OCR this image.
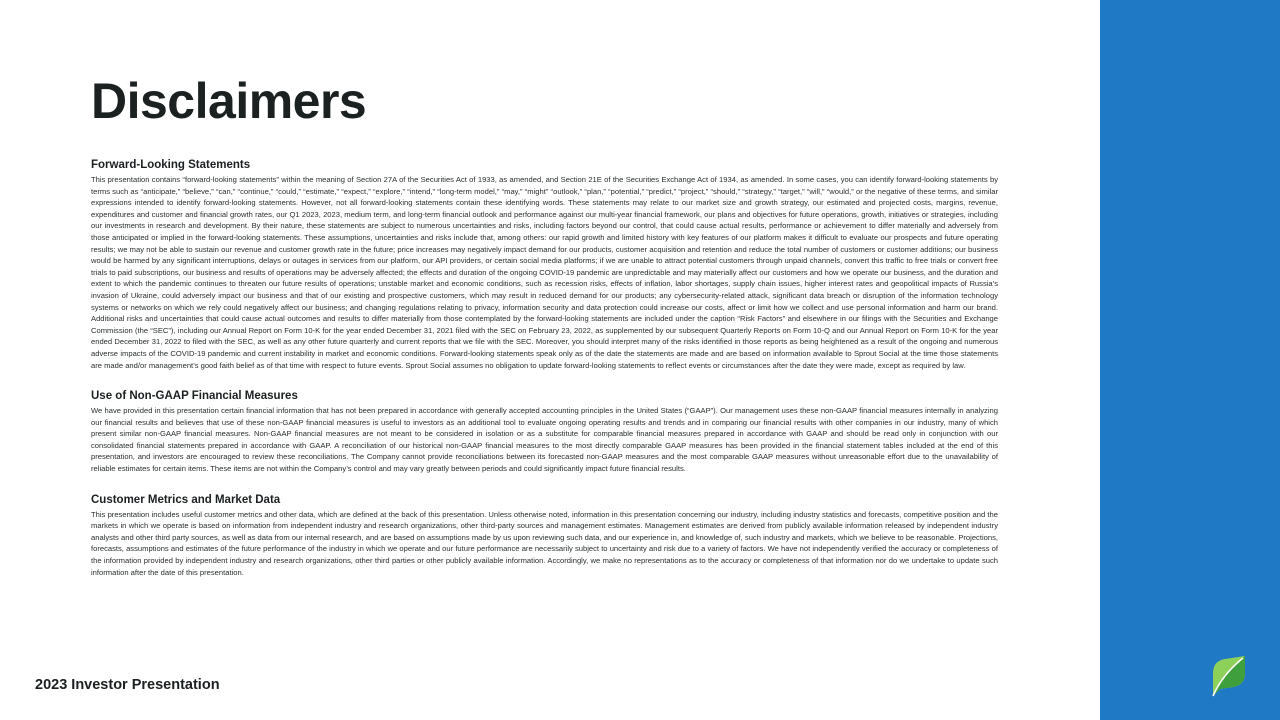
Disclaimers
Forward-Looking Statements

This presentation contains “forward-looking statements” within the meaning of Section 27A of the Securities Act of 1933, as amended, and Section 21E of the Securities Exchange Act of 1934, as amended. In some cases, you can identify forward-looking statements by terms such as “anticipate,” “believe,” “can,” “continue,” “could,” “estimate,” “expect,” “explore,” “intend,” “long-term model,” “may,” “might” “outlook,” “plan,” “potential,” “predict,” “project,” “should,” “strategy,” “target,” “will,” “would,” or the negative of these terms, and similar expressions intended to identify forward-looking statements. However, not all forward-looking statements contain these identifying words. These statements may relate to our market size and growth strategy, our estimated and projected costs, margins, revenue, expenditures and customer and financial growth rates, our Q1 2023, 2023, medium term, and long-term financial outlook and performance against our multi-year financial framework, our plans and objectives for future operations, growth, initiatives or strategies, including our investments in research and development. By their nature, these statements are subject to numerous uncertainties and risks, including factors beyond our control, that could cause actual results, performance or achievement to differ materially and adversely from those anticipated or implied in the forward-looking statements. These assumptions, uncertainties and risks include that, among others: our rapid growth and limited history with key features of our platform makes it difficult to evaluate our prospects and future operating results; we may not be able to sustain our revenue and customer growth rate in the future; price increases may negatively impact demand for our products, customer acquisition and retention and reduce the total number of customers or customer additions; our business would be harmed by any significant interruptions, delays or outages in services from our platform, our API providers, or certain social media platforms; if we are unable to attract potential customers through unpaid channels, convert this traffic to free trials or convert free trials to paid subscriptions, our business and results of operations may be adversely affected; the effects and duration of the ongoing COVID-19 pandemic are unpredictable and may materially affect our customers and how we operate our business, and the duration and extent to which the pandemic continues to threaten our future results of operations; unstable market and economic conditions, such as recession risks, effects of inflation, labor shortages, supply chain issues, higher interest rates and geopolitical impacts of Russia’s invasion of Ukraine, could adversely impact our business and that of our existing and prospective customers, which may result in reduced demand for our products; any cybersecurity-related attack, significant data breach or disruption of the information technology systems or networks on which we rely could negatively affect our business; and changing regulations relating to privacy, information security and data protection could increase our costs, affect or limit how we collect and use personal information and harm our brand. Additional risks and uncertainties that could cause actual outcomes and results to differ materially from those contemplated by the forward-looking statements are included under the caption “Risk Factors” and elsewhere in our filings with the Securities and Exchange Commission (the “SEC”), including our Annual Report on Form 10-K for the year ended December 31, 2021 filed with the SEC on February 23, 2022, as supplemented by our subsequent Quarterly Reports on Form 10-Q and our Annual Report on Form 10-K for the year ended December 31, 2022 to filed with the SEC, as well as any other future quarterly and current reports that we file with the SEC. Moreover, you should interpret many of the risks identified in those reports as being heightened as a result of the ongoing and numerous adverse impacts of the COVID-19 pandemic and current instability in market and economic conditions. Forward-looking statements speak only as of the date the statements are made and are based on information available to Sprout Social at the time those statements are made and/or management’s good faith belief as of that time with respect to future events. Sprout Social assumes no obligation to update forward-looking statements to reflect events or circumstances after the date they were made, except as required by law.

Use of Non-GAAP Financial Measures

We have provided in this presentation certain financial information that has not been prepared in accordance with generally accepted accounting principles in the United States (“GAAP”). Our management uses these non-GAAP financial measures internally in analyzing our financial results and believes that use of these non-GAAP financial measures is useful to investors as an additional tool to evaluate ongoing operating results and trends and in comparing our financial results with other companies in our industry, many of which present similar non-GAAP financial measures. Non-GAAP financial measures are not meant to be considered in isolation or as a substitute for comparable financial measures prepared in accordance with GAAP and should be read only in conjunction with our consolidated financial statements prepared in accordance with GAAP. A reconciliation of our historical non-GAAP financial measures to the most directly comparable GAAP measures has been provided in the financial statement tables included at the end of this presentation, and investors are encouraged to review these reconciliations. The Company cannot provide reconciliations between its forecasted non-GAAP measures and the most comparable GAAP measures without unreasonable effort due to the unavailability of reliable estimates for certain items. These items are not within the Company’s control and may vary greatly between periods and could significantly impact future financial results.

Customer Metrics and Market Data

This presentation includes useful customer metrics and other data, which are defined at the back of this presentation. Unless otherwise noted, information in this presentation concerning our industry, including industry statistics and forecasts, competitive position and the markets in which we operate is based on information from independent industry and research organizations, other third-party sources and management estimates. Management estimates are derived from publicly available information released by independent industry analysts and other third party sources, as well as data from our internal research, and are based on assumptions made by us upon reviewing such data, and our experience in, and knowledge of, such industry and markets, which we believe to be reasonable. Projections, forecasts, assumptions and estimates of the future performance of the industry in which we operate and our future performance are necessarily subject to uncertainty and risk due to a variety of factors. We have not independently verified the accuracy or completeness of the information provided by independent industry and research organizations, other third parties or other publicly available information. Accordingly, we make no representations as to the accuracy or completeness of that information nor do we undertake to update such information after the date of this presentation.

2023 Investor Presentation
